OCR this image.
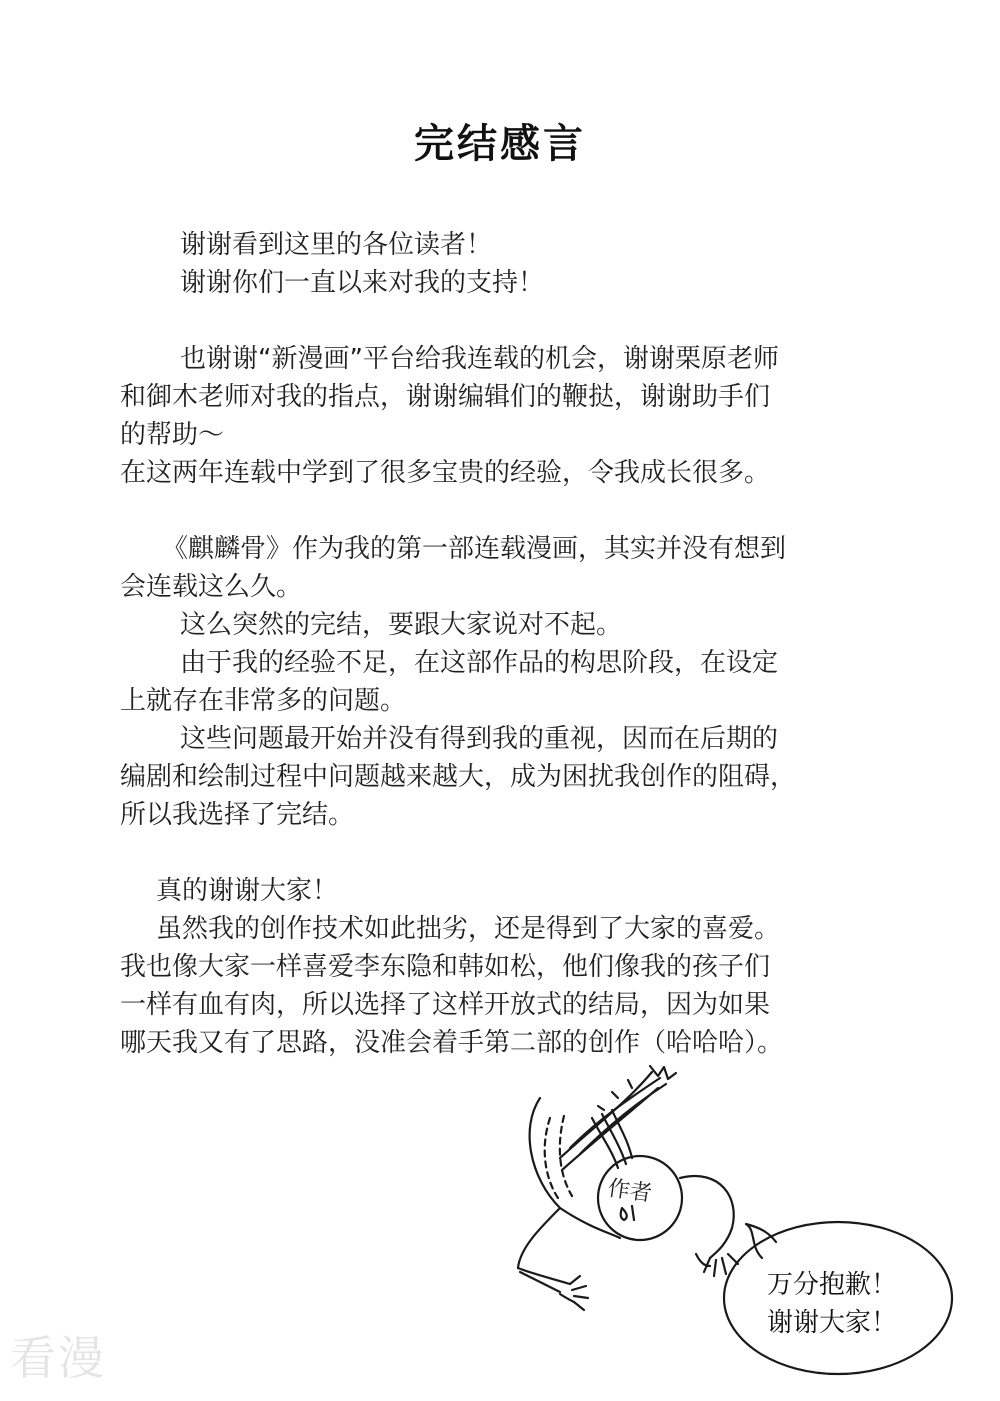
完结感言

谢谢看到这里的各位读者！

谢谢你们一直以来对我的支持！

也谢谢“新漫画”平台给我连载的机会，谢谢栗原老师

和御木老师对我的指点，谢谢编辑们的鞭挞，谢谢助手们

的帮助～

在这两年连载中学到了很多宝贵的经验，令我成长很多。

《麒麟骨》作为我的第一部连载漫画，其实并没有想到

会连载这么久。

这么突然的完结，要跟大家说对不起。

由于我的经验不足，在这部作品的构思阶段，在设定

上就存在非常多的问题。

这些问题最开始并没有得到我的重视，因而在后期的

编剧和绘制过程中问题越来越大，成为困扰我创作的阻碍，

所以我选择了完结。

真的谢谢大家！

虽然我的创作技术如此拙劣，还是得到了大家的喜爱。

我也像大家一样喜爱李东隐和韩如松，他们像我的孩子们

一样有血有肉，所以选择了这样开放式的结局，因为如果

哪天我又有了思路，没准会着手第二部的创作（哈哈哈）。

作者
万分抱歉！
谢谢大家！
看漫
